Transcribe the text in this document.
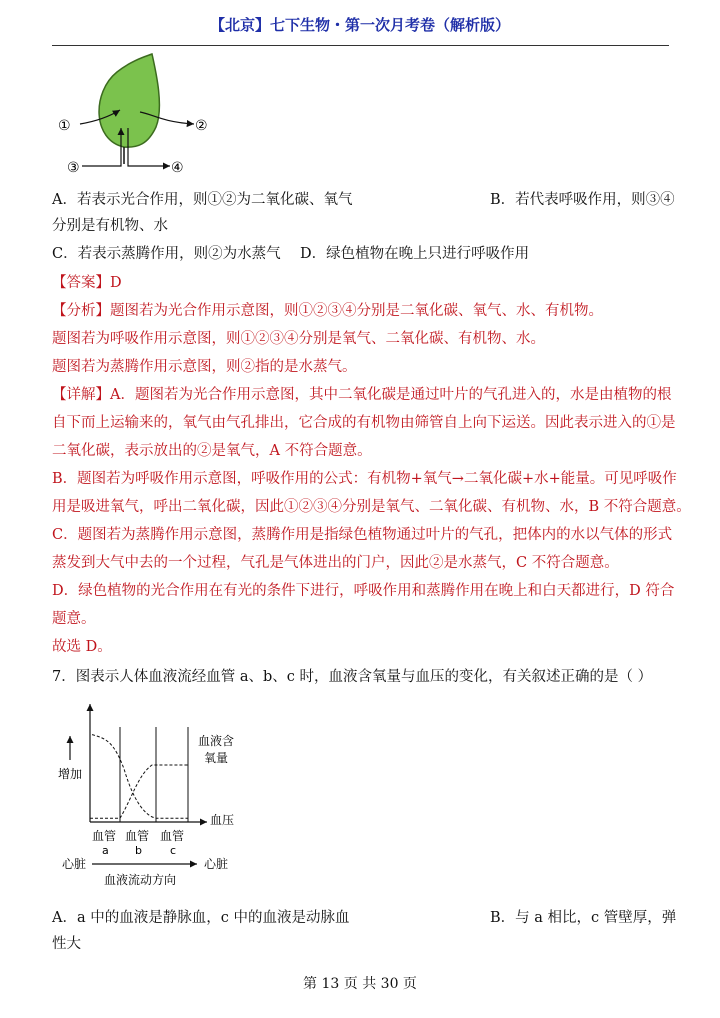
【北京】七下生物・第一次月考卷（解析版）
①	②
③	④
A．若表示光合作用，则①②为二氧化碳、氧气	B．若代表呼吸作用，则③④
分别是有机物、水
C．若表示蒸腾作用，则②为水蒸气 D．绿色植物在晚上只进行呼吸作用
【答案】D
【分析】题图若为光合作用示意图，则①②③④分别是二氧化碳、氧气、水、有机物。
题图若为呼吸作用示意图，则①②③④分别是氧气、二氧化碳、有机物、水。
题图若为蒸腾作用示意图，则②指的是水蒸气。
【详解】A．题图若为光合作用示意图，其中二氧化碳是通过叶片的气孔进入的，水是由植物的根
自下而上运输来的，氧气由气孔排出，它合成的有机物由筛管自上向下运送。因此表示进入的①是
二氧化碳，表示放出的②是氧气，A 不符合题意。
B．题图若为呼吸作用示意图，呼吸作用的公式：有机物+氧气→二氧化碳+水+能量。可见呼吸作
用是吸进氧气，呼出二氧化碳，因此①②③④分别是氧气、二氧化碳、有机物、水，B 不符合题意。
C．题图若为蒸腾作用示意图，蒸腾作用是指绿色植物通过叶片的气孔，把体内的水以气体的形式
蒸发到大气中去的一个过程，气孔是气体进出的门户，因此②是水蒸气，C 不符合题意。
D．绿色植物的光合作用在有光的条件下进行，呼吸作用和蒸腾作用在晚上和白天都进行，D 符合
题意。
故选 D。
7．图表示人体血液流经血管 a、b、c 时，血液含氧量与血压的变化，有关叙述正确的是（ ）
增加
血液含
氧量
血压
血管 血管 血管
a b	c
心脏	心脏
血液流动方向
A．a 中的血液是静脉血，c 中的血液是动脉血	B．与 a 相比，c 管壁厚，弹
性大
第 13 页 共 30 页
